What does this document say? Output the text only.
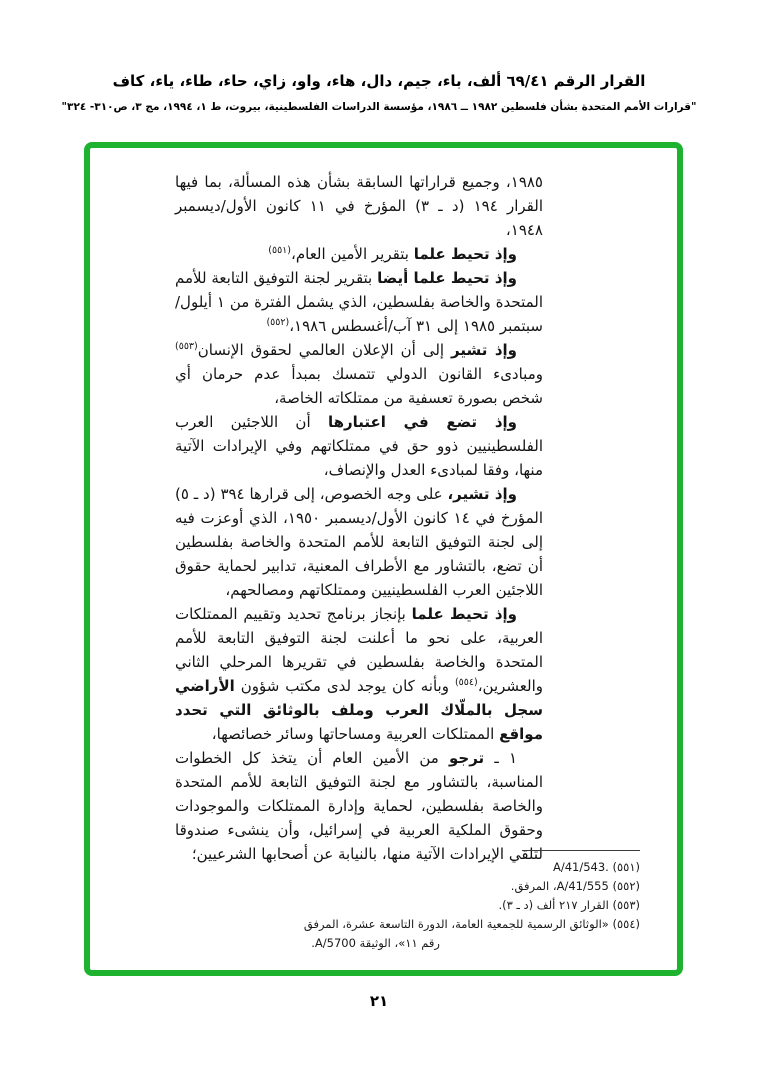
القرار الرقم ٦٩/٤١ ألف، باء، جيم، دال، هاء، واو، زاي، حاء، طاء، ياء، كاف
"قرارات الأمم المتحدة بشأن فلسطين ١٩٨٢ ــ ١٩٨٦، مؤسسة الدراسات الفلسطينية، بيروت، ط ١، ١٩٩٤، مج ٣، ص٣١٠- ٣٢٤"

١٩٨٥، وجميع قراراتها السابقة بشأن هذه المسألة، بما فيها القرار ١٩٤ (د ـ ٣) المؤرخ في ١١ كانون الأول/ديسمبر ١٩٤٨،

وإذ تحيط علما بتقرير الأمين العام،$^{(٥٥١)}$

وإذ تحيط علما أيضا بتقرير لجنة التوفيق التابعة للأمم المتحدة والخاصة بفلسطين، الذي يشمل الفترة من ١ أيلول/سبتمبر ١٩٨٥ إلى ٣١ آب/أغسطس ١٩٨٦،$^{(٥٥٢)}$

وإذ تشير إلى أن الإعلان العالمي لحقوق الإنسان$^{(٥٥٣)}$ ومبادىء القانون الدولي تتمسك بمبدأ عدم حرمان أي شخص بصورة تعسفية من ممتلكاته الخاصة،

وإذ تضع في اعتبارها أن اللاجئين العرب الفلسطينيين ذوو حق في ممتلكاتهم وفي الإيرادات الآتية منها، وفقا لمبادىء العدل والإنصاف،

وإذ تشير، على وجه الخصوص، إلى قرارها ٣٩٤ (د ـ ٥) المؤرخ في ١٤ كانون الأول/ديسمبر ١٩٥٠، الذي أوعزت فيه إلى لجنة التوفيق التابعة للأمم المتحدة والخاصة بفلسطين أن تضع، بالتشاور مع الأطراف المعنية، تدابير لحماية حقوق اللاجئين العرب الفلسطينيين وممتلكاتهم ومصالحهم،

وإذ تحيط علما بإنجاز برنامج تحديد وتقييم الممتلكات العربية، على نحو ما أعلنت لجنة التوفيق التابعة للأمم المتحدة والخاصة بفلسطين في تقريرها المرحلي الثاني والعشرين،$^{(٥٥٤)}$ وبأنه كان يوجد لدى مكتب شؤون الأراضي سجل بالملّاك العرب وملف بالوثائق التي تحدد مواقع الممتلكات العربية ومساحاتها وسائر خصائصها،

١ ـ ترجو من الأمين العام أن يتخذ كل الخطوات المناسبة، بالتشاور مع لجنة التوفيق التابعة للأمم المتحدة والخاصة بفلسطين، لحماية وإدارة الممتلكات والموجودات وحقوق الملكية العربية في إسرائيل، وأن ينشىء صندوقا لتلقي الإيرادات الآتية منها، بالنيابة عن أصحابها الشرعيين؛

(٥٥١) A/41/543.‎
(٥٥٢) A/41/555، المرفق.
(٥٥٣) القرار ٢١٧ ألف (د ـ ٣).
(٥٥٤) «الوثائق الرسمية للجمعية العامة، الدورة التاسعة عشرة، المرفق رقم ١١»، الوثيقة A/5700.
٢١
